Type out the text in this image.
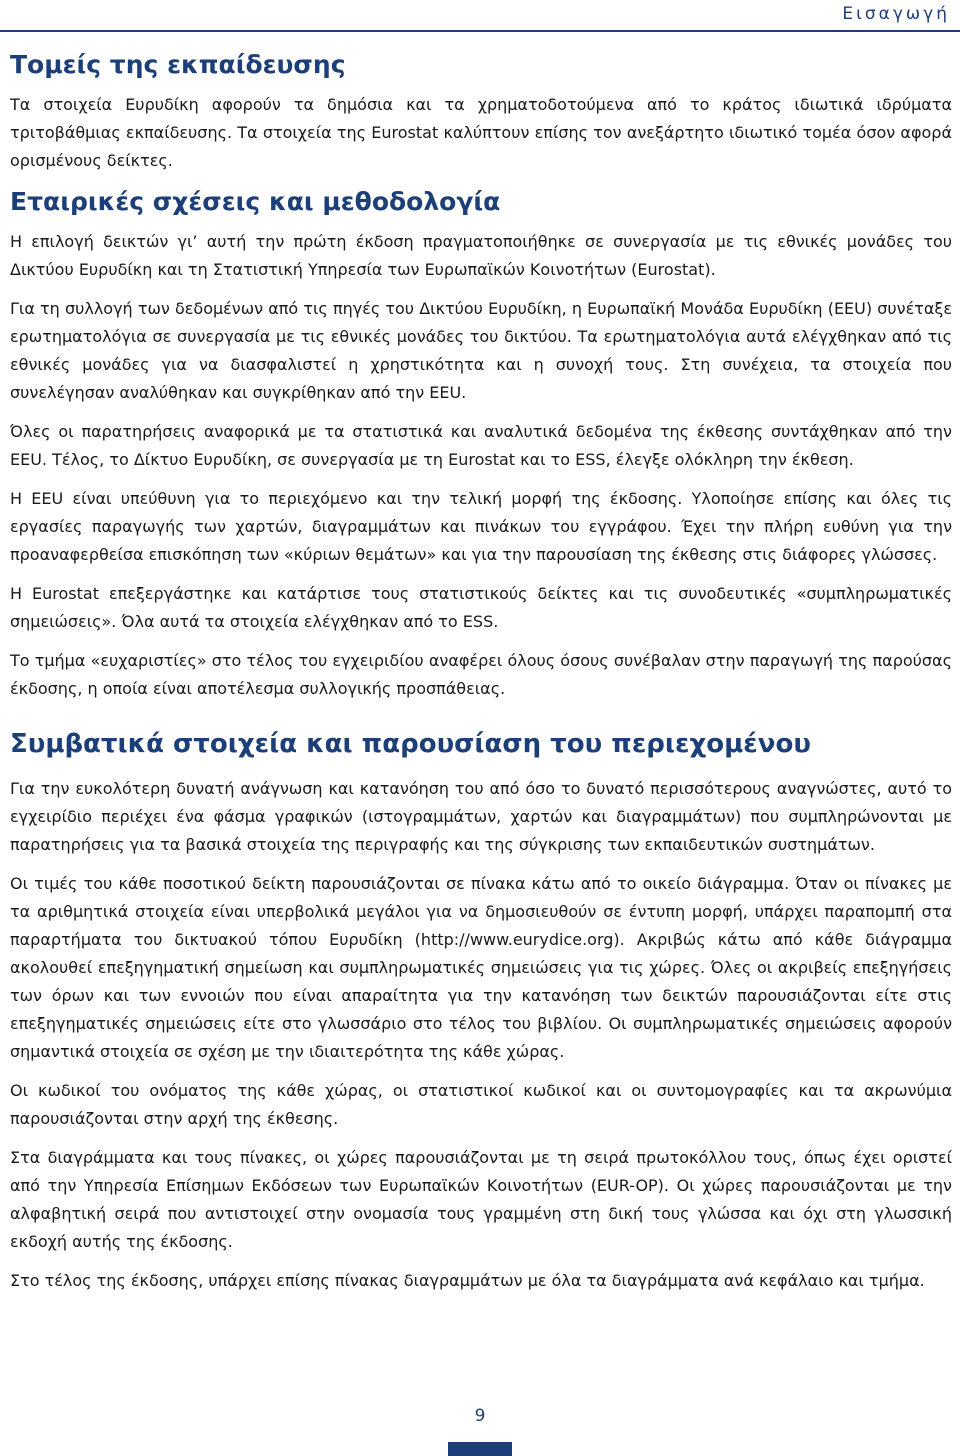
Εισαγωγή
Τομείς της εκπαίδευσης

Τα στοιχεία Ευρυδίκη αφορούν τα δημόσια και τα χρηματοδοτούμενα από το κράτος ιδιωτικά ιδρύματα τριτοβάθμιας εκπαίδευσης. Τα στοιχεία της Eurostat καλύπτουν επίσης τον ανεξάρτητο ιδιωτικό τομέα όσον αφορά ορισμένους δείκτες.

Εταιρικές σχέσεις και μεθοδολογία

Η επιλογή δεικτών γι’ αυτή την πρώτη έκδοση πραγματοποιήθηκε σε συνεργασία με τις εθνικές μονάδες του Δικτύου Ευρυδίκη και τη Στατιστική Υπηρεσία των Ευρωπαϊκών Κοινοτήτων (Eurostat).

Για τη συλλογή των δεδομένων από τις πηγές του Δικτύου Ευρυδίκη, η Ευρωπαϊκή Μονάδα Ευρυδίκη (EEU) συνέταξε ερωτηματολόγια σε συνεργασία με τις εθνικές μονάδες του δικτύου. Τα ερωτηματολόγια αυτά ελέγχθηκαν από τις εθνικές μονάδες για να διασφαλιστεί η χρηστικότητα και η συνοχή τους. Στη συνέχεια, τα στοιχεία που συνελέγησαν αναλύθηκαν και συγκρίθηκαν από την EEU.

Όλες οι παρατηρήσεις αναφορικά με τα στατιστικά και αναλυτικά δεδομένα της έκθεσης συντάχθηκαν από την EEU. Τέλος, το Δίκτυο Ευρυδίκη, σε συνεργασία με τη Eurostat και το ESS, έλεγξε ολόκληρη την έκθεση.

Η EEU είναι υπεύθυνη για το περιεχόμενο και την τελική μορφή της έκδοσης. Υλοποίησε επίσης και όλες τις εργασίες παραγωγής των χαρτών, διαγραμμάτων και πινάκων του εγγράφου. Έχει την πλήρη ευθύνη για την προαναφερθείσα επισκόπηση των «κύριων θεμάτων» και για την παρουσίαση της έκθεσης στις διάφορες γλώσσες.

Η Eurostat επεξεργάστηκε και κατάρτισε τους στατιστικούς δείκτες και τις συνοδευτικές «συμπληρωματικές σημειώσεις». Όλα αυτά τα στοιχεία ελέγχθηκαν από το ESS.

Το τμήμα «ευχαριστίες» στο τέλος του εγχειριδίου αναφέρει όλους όσους συνέβαλαν στην παραγωγή της παρούσας έκδοσης, η οποία είναι αποτέλεσμα συλλογικής προσπάθειας.

Συμβατικά στοιχεία και παρουσίαση του περιεχομένου

Για την ευκολότερη δυνατή ανάγνωση και κατανόηση του από όσο το δυνατό περισσότερους αναγνώστες, αυτό το εγχειρίδιο περιέχει ένα φάσμα γραφικών (ιστογραμμάτων, χαρτών και διαγραμμάτων) που συμπληρώνονται με παρατηρήσεις για τα βασικά στοιχεία της περιγραφής και της σύγκρισης των εκπαιδευτικών συστημάτων.

Οι τιμές του κάθε ποσοτικού δείκτη παρουσιάζονται σε πίνακα κάτω από το οικείο διάγραμμα. Όταν οι πίνακες με τα αριθμητικά στοιχεία είναι υπερβολικά μεγάλοι για να δημοσιευθούν σε έντυπη μορφή, υπάρχει παραπομπή στα παραρτήματα του δικτυακού τόπου Ευρυδίκη (http://www.eurydice.org). Ακριβώς κάτω από κάθε διάγραμμα ακολουθεί επεξηγηματική σημείωση και συμπληρωματικές σημειώσεις για τις χώρες. Όλες οι ακριβείς επεξηγήσεις των όρων και των εννοιών που είναι απαραίτητα για την κατανόηση των δεικτών παρουσιάζονται είτε στις επεξηγηματικές σημειώσεις είτε στο γλωσσάριο στο τέλος του βιβλίου. Οι συμπληρωματικές σημειώσεις αφορούν σημαντικά στοιχεία σε σχέση με την ιδιαιτερότητα της κάθε χώρας.

Οι κωδικοί του ονόματος της κάθε χώρας, οι στατιστικοί κωδικοί και οι συντομογραφίες και τα ακρωνύμια παρουσιάζονται στην αρχή της έκθεσης.

Στα διαγράμματα και τους πίνακες, οι χώρες παρουσιάζονται με τη σειρά πρωτοκόλλου τους, όπως έχει οριστεί από την Υπηρεσία Επίσημων Εκδόσεων των Ευρωπαϊκών Κοινοτήτων (EUR-OP). Οι χώρες παρουσιάζονται με την αλφαβητική σειρά που αντιστοιχεί στην ονομασία τους γραμμένη στη δική τους γλώσσα και όχι στη γλωσσική εκδοχή αυτής της έκδοσης.

Στο τέλος της έκδοσης, υπάρχει επίσης πίνακας διαγραμμάτων με όλα τα διαγράμματα ανά κεφάλαιο και τμήμα.

9
